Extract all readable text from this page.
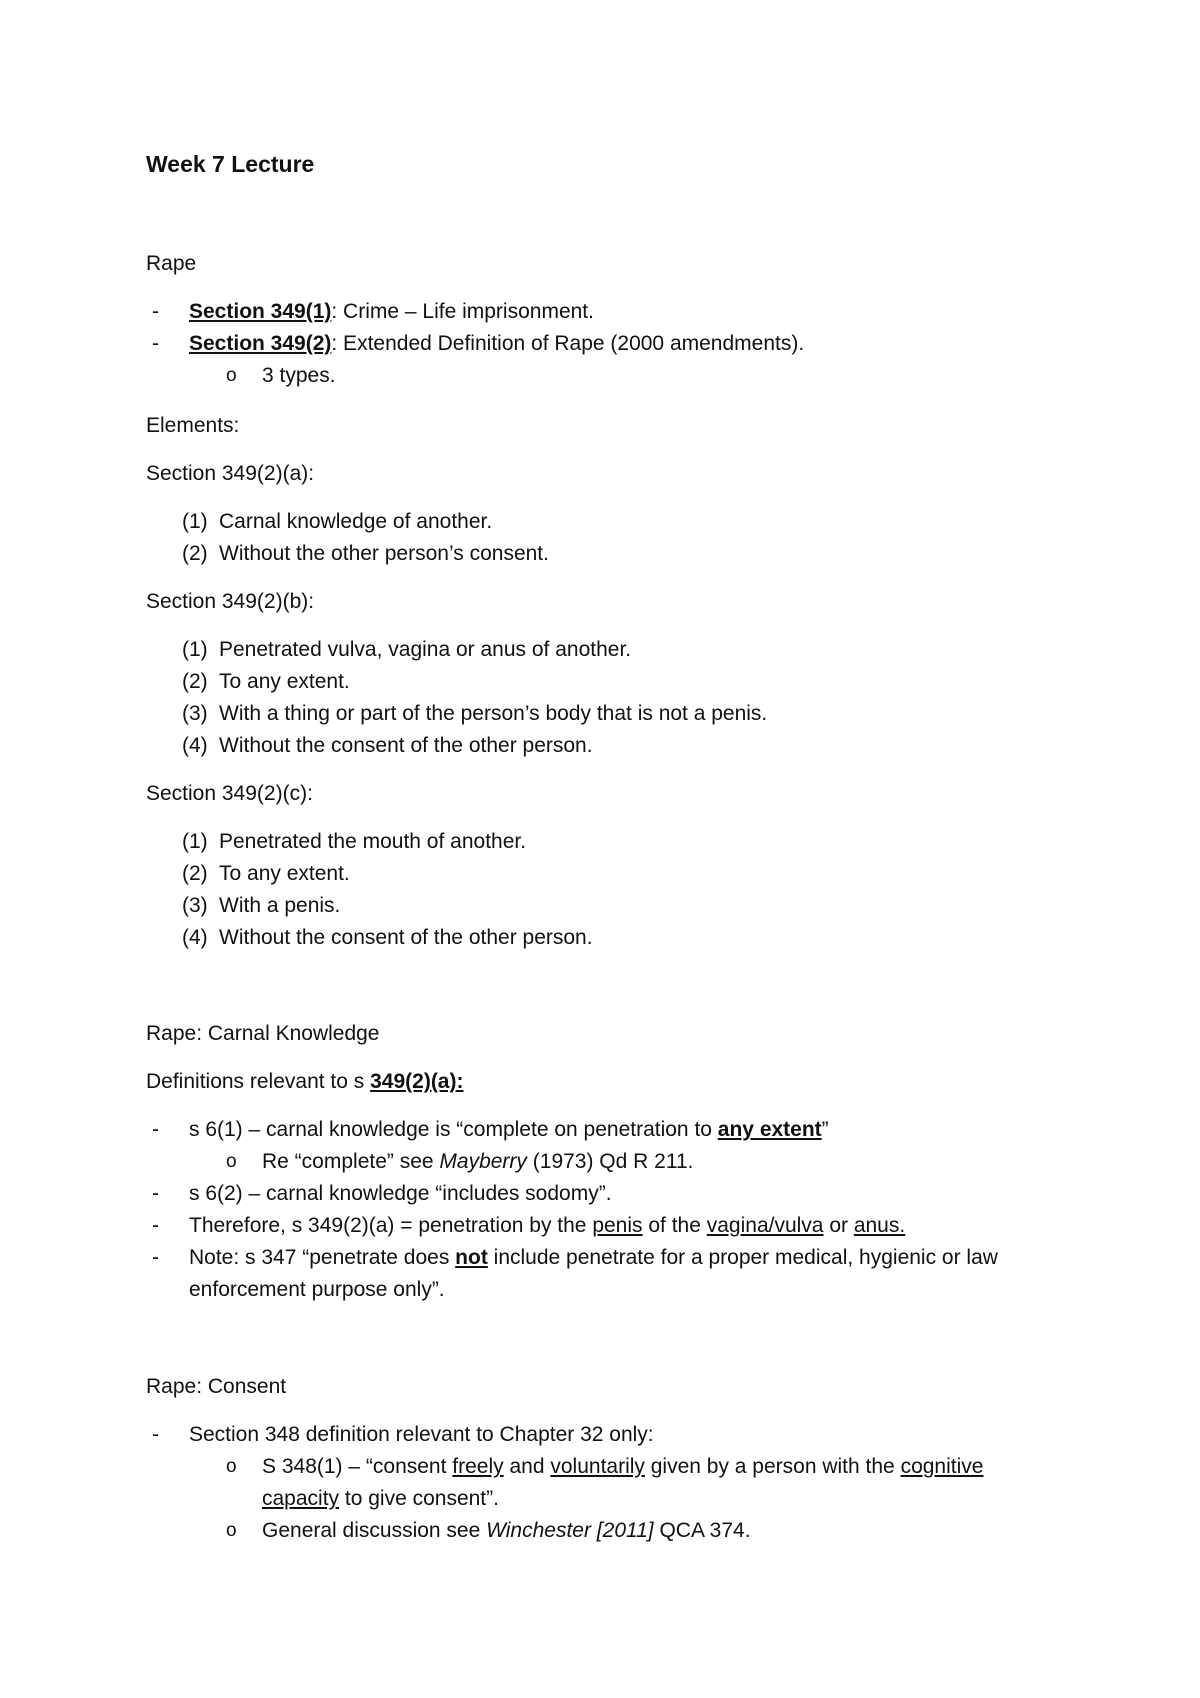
Week 7 Lecture
Rape
- Section 349(1): Crime – Life imprisonment.
- Section 349(2): Extended Definition of Rape (2000 amendments).
o 3 types.
Elements:
Section 349(2)(a):
(1) Carnal knowledge of another.
(2) Without the other person’s consent.
Section 349(2)(b):
(1) Penetrated vulva, vagina or anus of another.
(2) To any extent.
(3) With a thing or part of the person’s body that is not a penis.
(4) Without the consent of the other person.
Section 349(2)(c):
(1) Penetrated the mouth of another.
(2) To any extent.
(3) With a penis.
(4) Without the consent of the other person.
Rape: Carnal Knowledge
Definitions relevant to s 349(2)(a):
- s 6(1) – carnal knowledge is “complete on penetration to any extent”
o Re “complete” see Mayberry (1973) Qd R 211.
- s 6(2) – carnal knowledge “includes sodomy”.
- Therefore, s 349(2)(a) = penetration by the penis of the vagina/vulva or anus.
- Note: s 347 “penetrate does not include penetrate for a proper medical, hygienic or law
enforcement purpose only”.
Rape: Consent
- Section 348 definition relevant to Chapter 32 only:
o S 348(1) – “consent freely and voluntarily given by a person with the cognitive
capacity to give consent”.
o General discussion see Winchester [2011] QCA 374.
